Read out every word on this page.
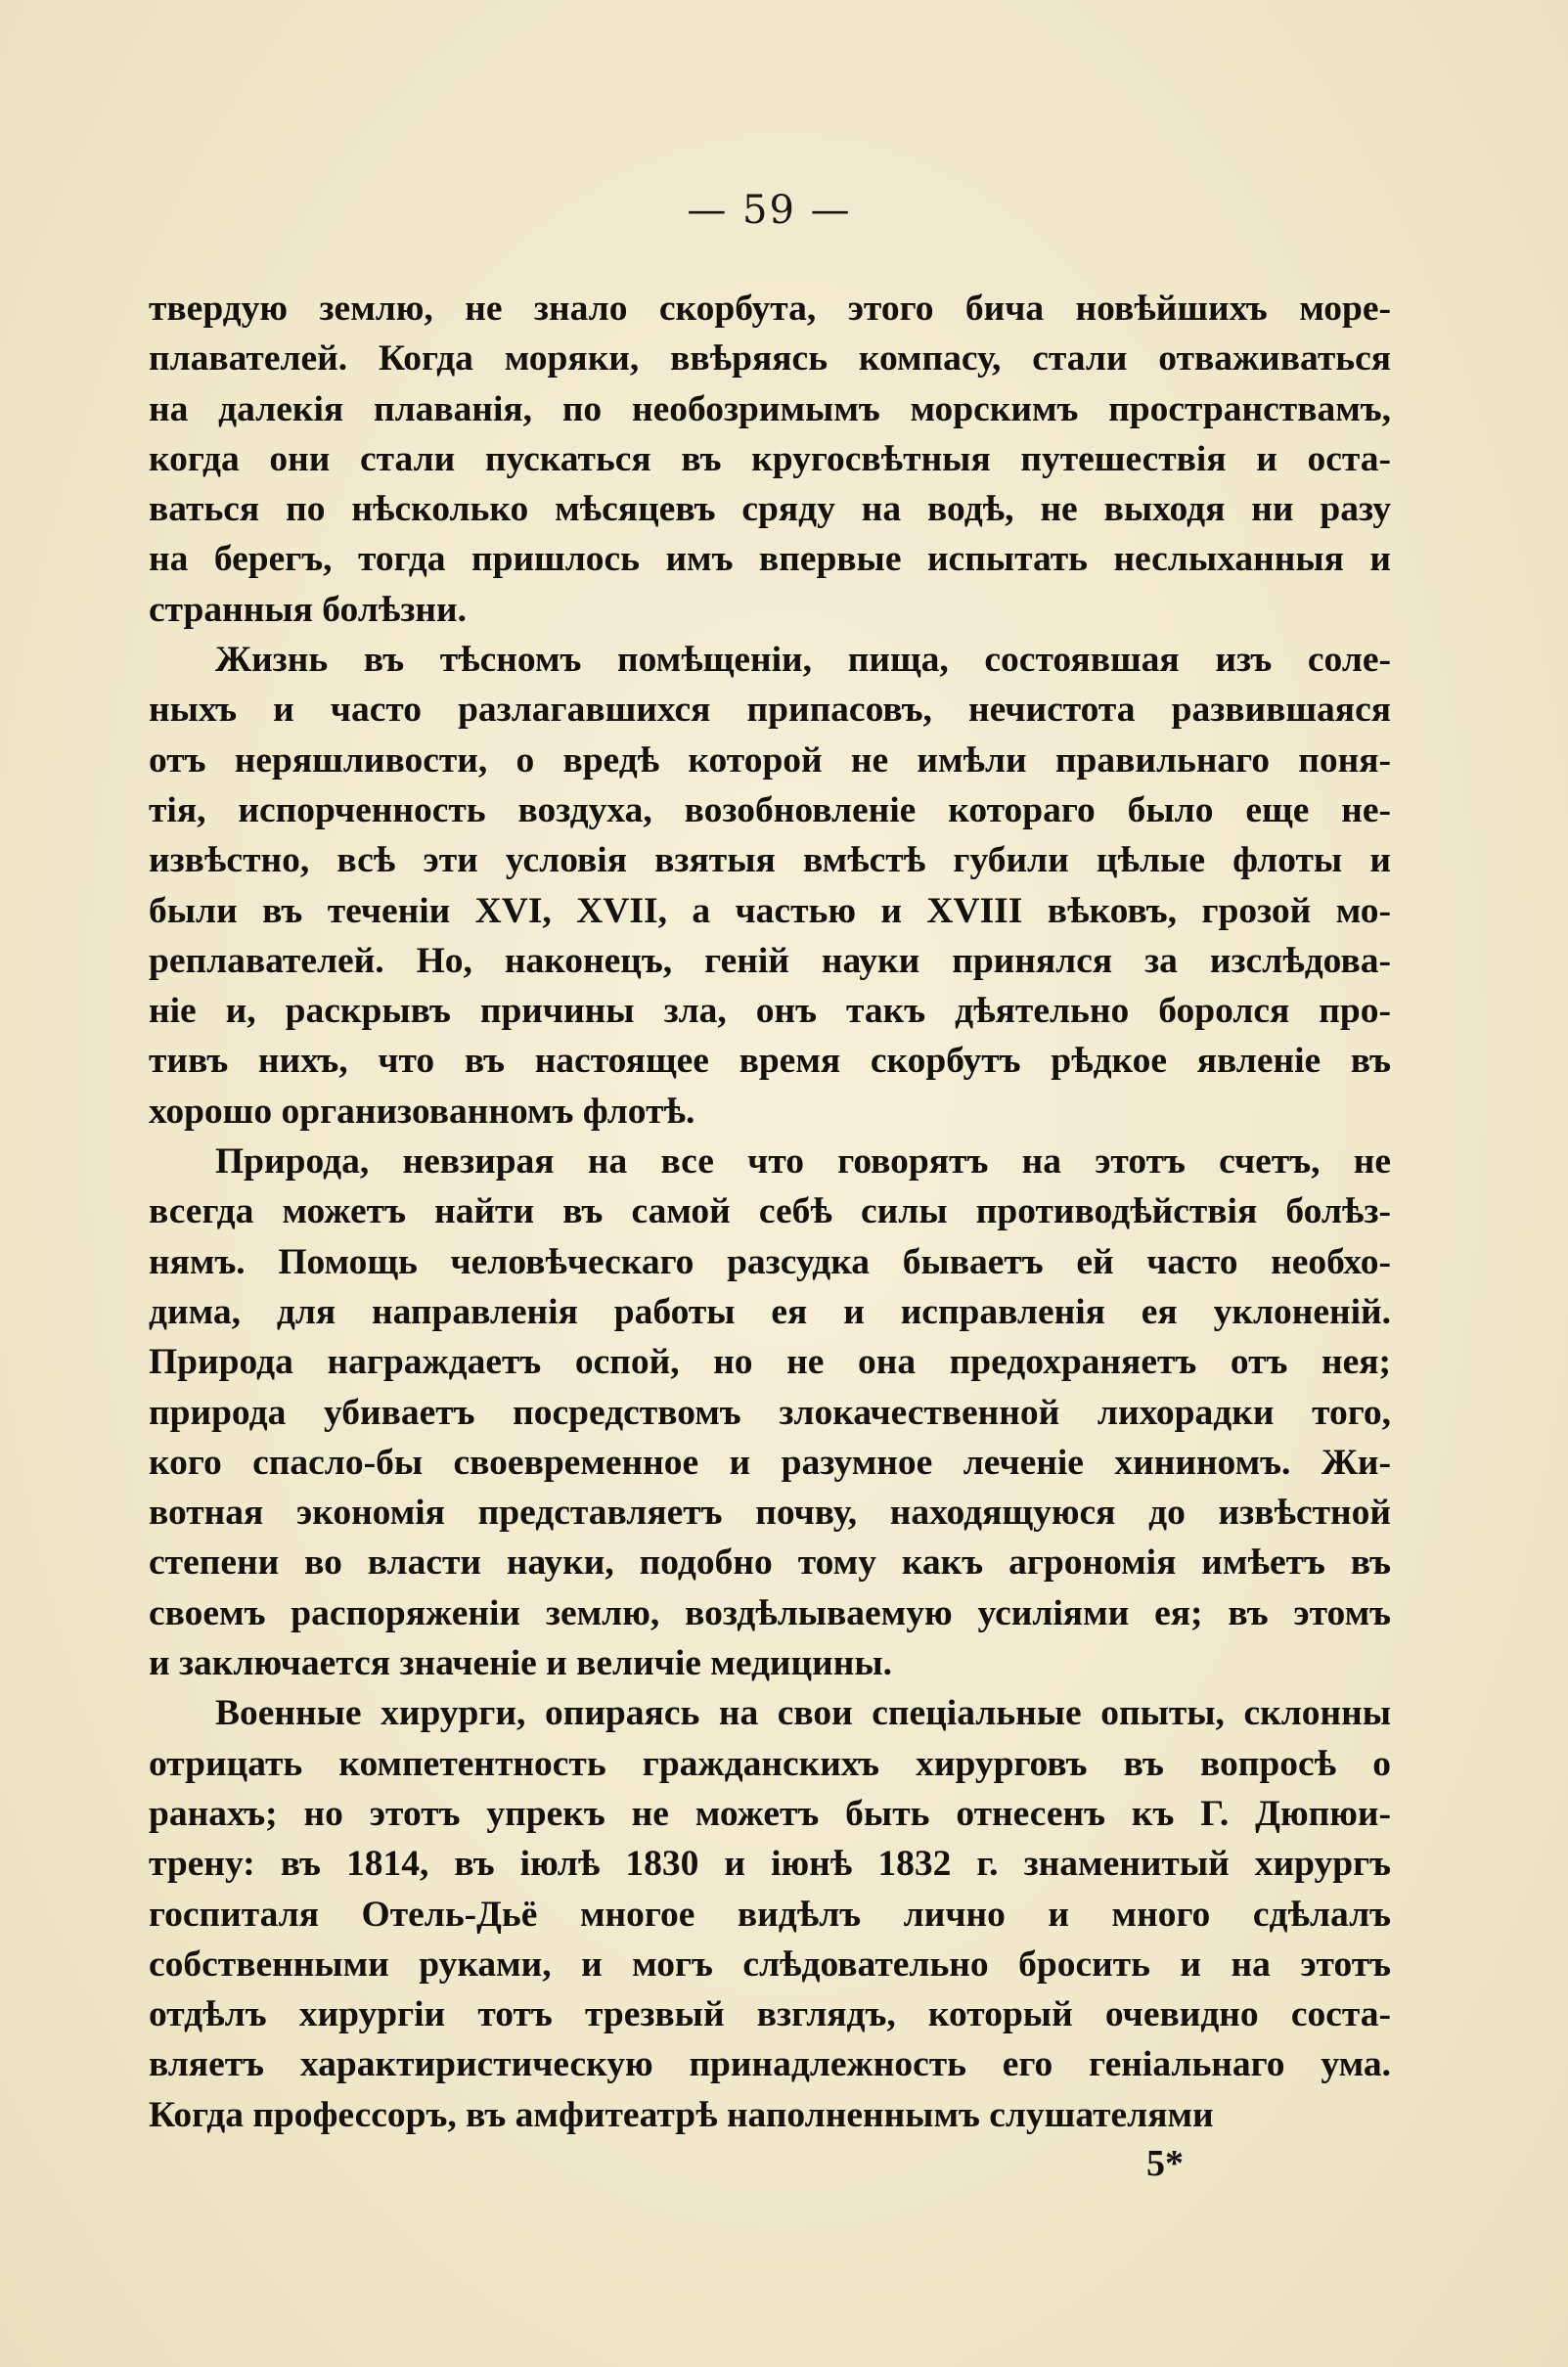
— 59 —
твердую землю, не знало скорбута, этого бича новѣйшихъ море-
плавателей. Когда моряки, ввѣряясь компасу, стали отваживаться
на далекія плаванія, по необозримымъ морскимъ пространствамъ,
когда они стали пускаться въ кругосвѣтныя путешествія и оста-
ваться по нѣсколько мѣсяцевъ сряду на водѣ, не выходя ни разу
на берегъ, тогда пришлось имъ впервые испытать неслыханныя и
странныя болѣзни.
Жизнь въ тѣсномъ помѣщеніи, пища, состоявшая изъ соле-
ныхъ и часто разлагавшихся припасовъ, нечистота развившаяся
отъ неряшливости, о вредѣ которой не имѣли правильнаго поня-
тія, испорченность воздуха, возобновленіе котораго было еще не-
извѣстно, всѣ эти условія взятыя вмѣстѣ губили цѣлые флоты и
были въ теченіи XVI, XVII, а частью и XVIII вѣковъ, грозой мо-
реплавателей. Но, наконецъ, геній науки принялся за изслѣдова-
ніе и, раскрывъ причины зла, онъ такъ дѣятельно боролся про-
тивъ нихъ, что въ настоящее время скорбутъ рѣдкое явленіе въ
хорошо организованномъ флотѣ.
Природа, невзирая на все что говорятъ на этотъ счетъ, не
всегда можетъ найти въ самой себѣ силы противодѣйствія болѣз-
нямъ. Помощь человѣческаго разсудка бываетъ ей часто необхо-
дима, для направленія работы ея и исправленія ея уклоненій.
Природа награждаетъ оспой, но не она предохраняетъ отъ нея;
природа убиваетъ посредствомъ злокачественной лихорадки того,
кого спасло-бы своевременное и разумное леченіе хининомъ. Жи-
вотная экономія представляетъ почву, находящуюся до извѣстной
степени во власти науки, подобно тому какъ агрономія имѣетъ въ
своемъ распоряженіи землю, воздѣлываемую усиліями ея; въ этомъ
и заключается значеніе и величіе медицины.
Военные хирурги, опираясь на свои спеціальные опыты, склонны
отрицать компетентность гражданскихъ хирурговъ въ вопросѣ о
ранахъ; но этотъ упрекъ не можетъ быть отнесенъ къ Г. Дюпюи-
трену: въ 1814, въ іюлѣ 1830 и іюнѣ 1832 г. знаменитый хирургъ
госпиталя Отель-Дьё многое видѣлъ лично и много сдѣлалъ
собственными руками, и могъ слѣдовательно бросить и на этотъ
отдѣлъ хирургіи тотъ трезвый взглядъ, который очевидно соста-
вляетъ характиристическую принадлежность его геніальнаго ума.
Когда профессоръ, въ амфитеатрѣ наполненнымъ слушателями
5*
